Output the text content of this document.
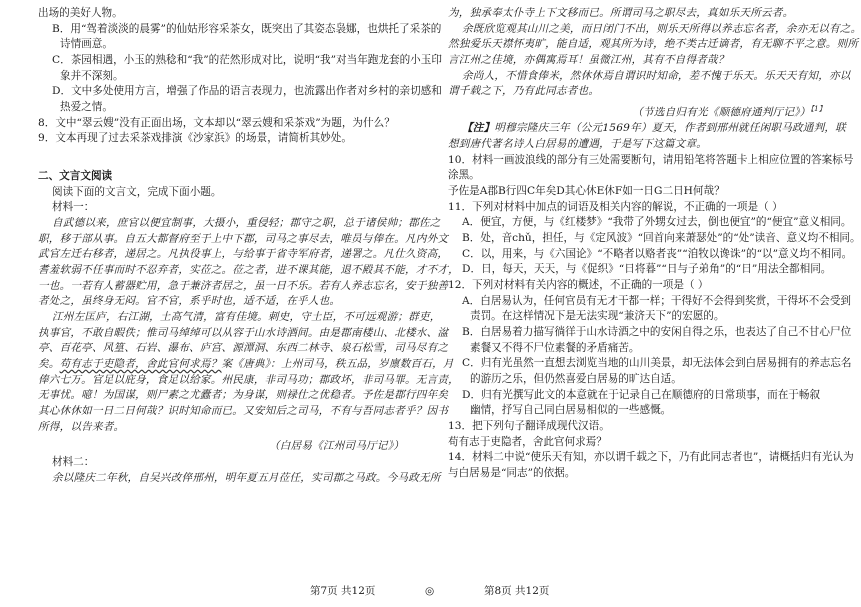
出场的美好人物。

B．用“驾着淡淡的晨雾”的仙姑形容采茶女，既突出了其姿态袅娜，也烘托了采茶的

诗情画意。

C．茶园相遇，小玉的熟稔和“我”的茫然形成对比，说明“我”对当年跑龙套的小玉印

象并不深刻。

D．文中多处使用方言，增强了作品的语言表现力，也流露出作者对乡村的亲切感和

热爱之情。

8．文中“翠云嫂”没有正面出场，文本却以“翠云嫂和采茶戏”为题，为什么？

9．文本再现了过去采茶戏排演《沙家浜》的场景，请简析其妙处。

二、文言文阅读

阅读下面的文言文，完成下面小题。

材料一：

自武德以来，庶官以便宜制事，大摄小，重侵轻；郡守之职，总于诸侯帅；郡佐之

职，移于部从事。自五大都督府至于上中下郡，司马之事尽去，唯员与俸在。凡内外文

武官左迁右移者，递居之。凡执役事上，与给事于省寺军府者，递署之。凡仕久资高，

耆羞软弱不任事而时不忍弃者，实莅之。莅之者，进不课其能，退不殿其不能，才不才，

一也。一若有人蓄器贮用，急于兼济者居之，虽一日不乐。若有人养志忘名，安于独善

者处之，虽终身无闷。官不官，系乎时也，适不适，在乎人也。

江州左匡庐，右江湖，土高气清，富有佳境。刺史，守土臣，不可远观游；群吏，

执事官，不敢自暇佚；惟司马绰绰可以从容于山水诗酒间。由是郡南楼山、北楼水、湓

亭、百花亭、风篁、石岩、瀑布、庐宫、源潭洞、东西二林寺、泉石松雪，司马尽有之

矣。苟有志于吏隐者，舍此官何求焉？案《唐典》：上州司马，秩五品，岁廪数百石，月

俸六七万。官足以庇身，食足以给家。州民康，非司马功；郡政坏，非司马罪。无言责，

无事忧。噫！为国谋，则尸素之尤蠹者；为身谋，则禄仕之优稳者。予佐是郡行四年矣

其心休休如一日二日何哉？识时知命而已。又安知后之司马，不有与吾同志者乎？因书

所得，以告来者。

（白居易《江州司马厅记》）

材料二：

余以隆庆二年秋，自吴兴改倅邢州，明年夏五月莅任，实司郡之马政。今马政无所

为，独承奉太仆寺上下文移而已。所谓司马之职尽去，真如乐天所云者。

余既欣览观其山川之美，而日闭门不出，则乐天所得以养志忘名者，余亦无以有之。

然独爱乐天襟怀夷旷，能自适，观其所为诗，绝不类古迁谪者，有无聊不平之意。则所

言江州之佳境，亦偶寓焉耳！虽微江州，其有不自得者哉？

余尚人，不惜食俸米，然休休焉自谓识时知命，差不愧于乐天。乐天天有知，亦以

谓千载之下，乃有此同志者也。

（节选自归有光《顺德府通判厅记》）$^{【1】}$

【注】明穆宗隆庆三年（公元1569年）夏天，作者到邢州就任闲职马政通判，联

想到唐代著名诗人白居易的遭遇，于是写下这篇文章。

10．材料一画波浪线的部分有三处需要断句，请用铅笔将答题卡上相应位置的答案标号

涂黑。

予佐是A郡B行四C年矣D其心休E休F如一日G二日H何哉？

11．下列对材料中加点的词语及相关内容的解说，不正确的一项是（ ）

A．便宜，方便，与《红楼梦》“我带了外甥女过去，倒也便宜”的“便宜”意义相同。

B．处，音chǔ，担任，与《定风波》“回首向来萧瑟处”的“处”读音、意义均不相同。

C．以，用来，与《六国论》“不略者以赂者丧”“洎牧以谗诛”的“以”意义均不相同。

D．日，每天，天天，与《促织》“日将暮”“日与子弟角”的“日”用法全都相同。

12．下列对材料有关内容的概述，不正确的一项是（ ）

A．白居易认为，任何官员有无才干都一样；干得好不会得到奖赏，干得坏不会受到

责罚。在这样情况下是无法实现“兼济天下”的宏愿的。

B．白居易着力描写徜徉于山水诗酒之中的安闲自得之乐，也表达了自己不甘心尸位

素餐又不得不尸位素餐的矛盾痛苦。

C．归有光虽然一直想去浏览当地的山川美景，却无法体会到白居易拥有的养志忘名

的游历之乐，但仍然喜爱白居易的旷达自适。

D．归有光撰写此文的本意就在于记录自己在顺德府的日常琐事，而在于畅叙

幽情，抒写自己同白居易相似的一些感慨。

13．把下列句子翻译成现代汉语。

苟有志于吏隐者，舍此官何求焉？

14．材料二中说“使乐天有知，亦以谓千载之下，乃有此同志者也”，请概括归有光认为

与白居易是“同志”的依据。

第7页 共12页	◎	第8页 共12页
